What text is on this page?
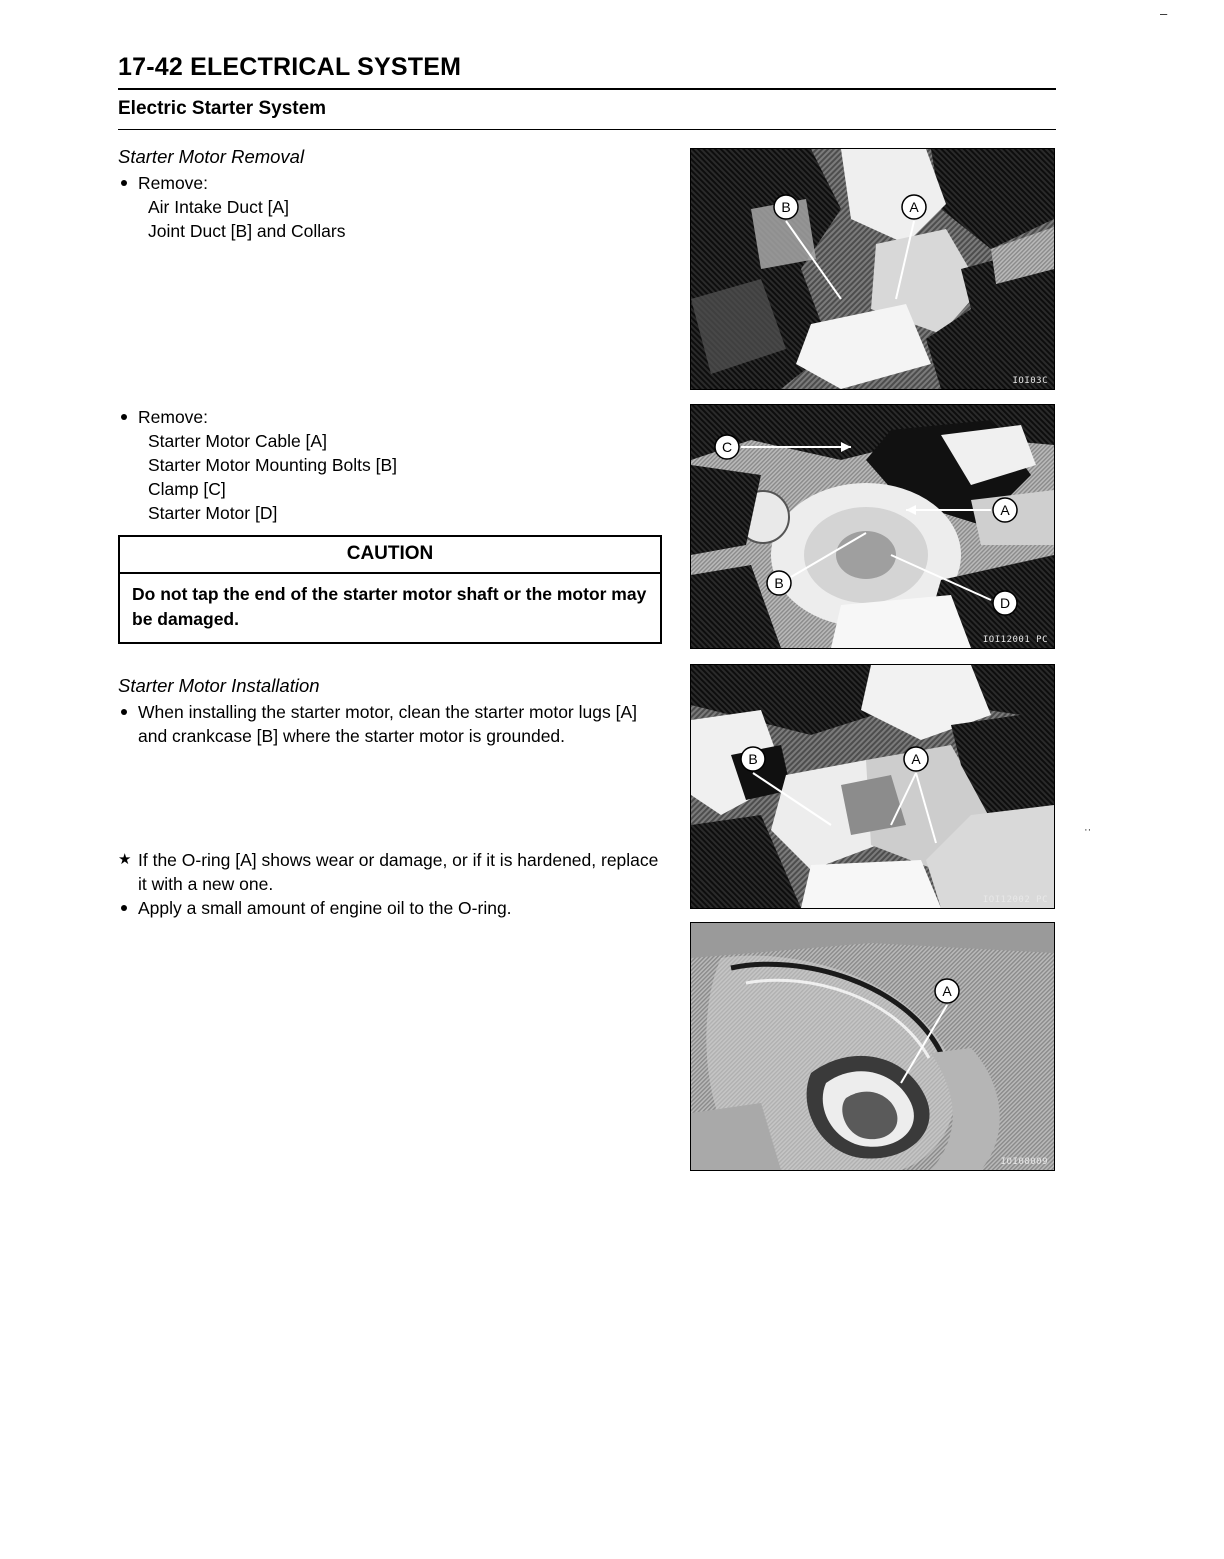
–
··
17-42 ELECTRICAL SYSTEM
Electric Starter System

Starter Motor Removal

Remove:

Air Intake Duct [A]

Joint Duct [B] and Collars

Remove:

Starter Motor Cable [A]

Starter Motor Mounting Bolts [B]

Clamp [C]

Starter Motor [D]

CAUTION
Do not tap the end of the starter motor shaft or the motor may be damaged.

Starter Motor Installation

When installing the starter motor, clean the starter motor lugs [A] and crankcase [B] where the starter motor is grounded.

★ If the O-ring [A] shows wear or damage, or if it is hardened, replace it with a new one.

Apply a small amount of engine oil to the O-ring.

B	A
IOI03C
C
A
B
D
IOI12001 PC
B	A
IOI12002 PC
A
IOI08009
